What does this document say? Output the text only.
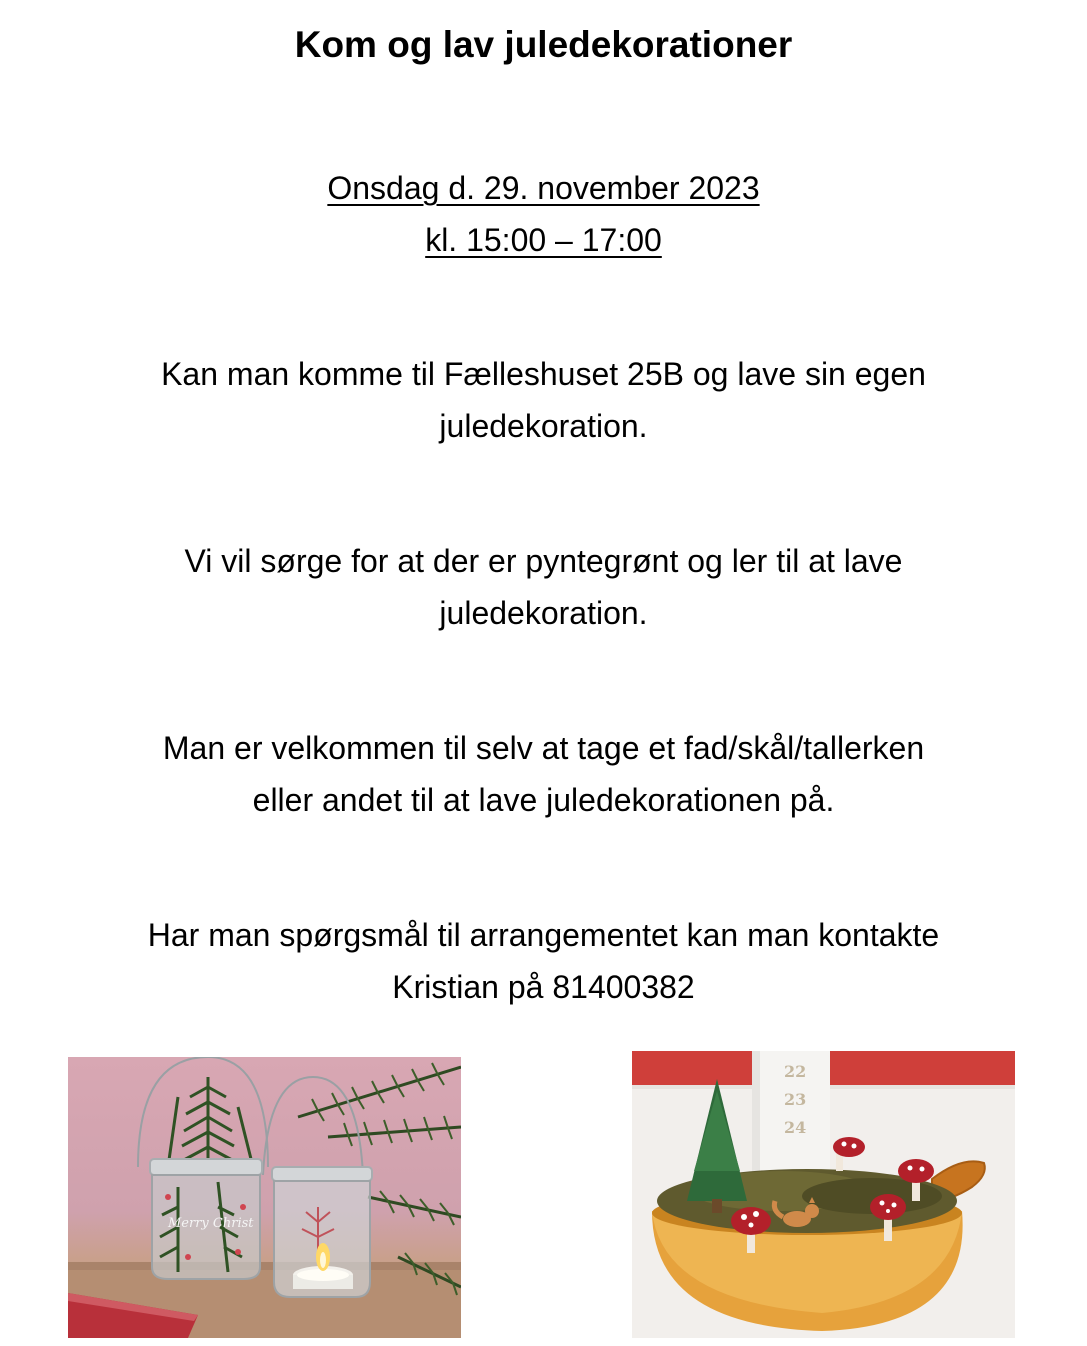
Kom og lav juledekorationer
Onsdag d. 29. november 2023
kl. 15:00 – 17:00

Kan man komme til Fælleshuset 25B og lave sin egen
juledekoration.

Vi vil sørge for at der er pyntegrønt og ler til at lave
juledekoration.

Man er velkommen til selv at tage et fad/skål/tallerken
eller andet til at lave juledekorationen på.

Har man spørgsmål til arrangementet kan man kontakte
Kristian på 81400382

Merry Christ
22
23
24
